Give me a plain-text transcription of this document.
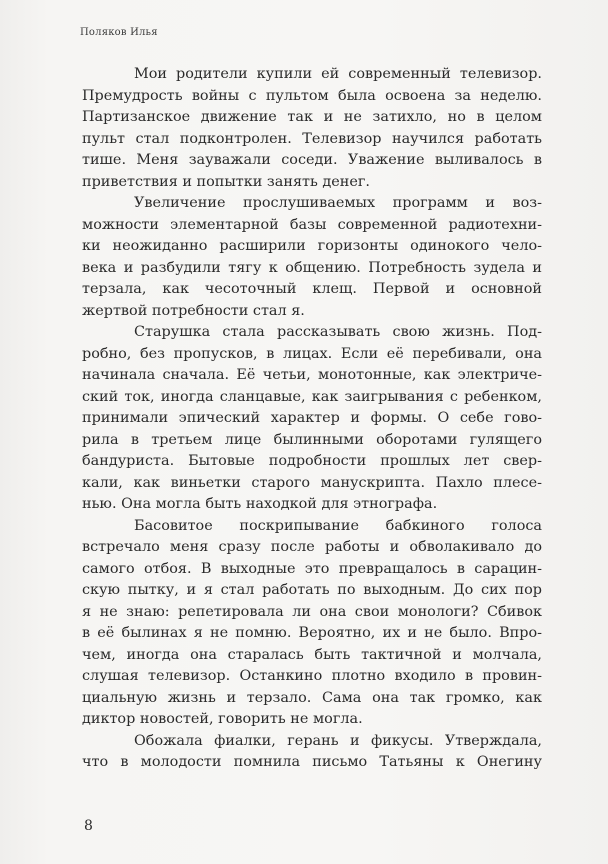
Поляков Илья
Мои родители купили ей современный телевизор.
Премудрость войны с пультом была освоена за неделю.
Партизанское движение так и не затихло, но в целом
пульт стал подконтролен. Телевизор научился работать
тише. Меня зауважали соседи. Уважение выливалось в
приветствия и попытки занять денег.
Увеличение прослушиваемых программ и воз-
можности элементарной базы современной радиотехни-
ки неожиданно расширили горизонты одинокого чело-
века и разбудили тягу к общению. Потребность зудела и
терзала, как чесоточный клещ. Первой и основной
жертвой потребности стал я.
Старушка стала рассказывать свою жизнь. Под-
робно, без пропусков, в лицах. Если её перебивали, она
начинала сначала. Её четьи, монотонные, как электриче-
ский ток, иногда сланцавые, как заигрывания с ребенком,
принимали эпический характер и формы. О себе гово-
рила в третьем лице былинными оборотами гулящего
бандуриста. Бытовые подробности прошлых лет свер-
кали, как виньетки старого манускрипта. Пахло плесе-
нью. Она могла быть находкой для этнографа.
Басовитое поскрипывание бабкиного голоса
встречало меня сразу после работы и обволакивало до
самого отбоя. В выходные это превращалось в сарацин-
скую пытку, и я стал работать по выходным. До сих пор
я не знаю: репетировала ли она свои монологи? Сбивок
в её былинах я не помню. Вероятно, их и не было. Впро-
чем, иногда она старалась быть тактичной и молчала,
слушая телевизор. Останкино плотно входило в провин-
циальную жизнь и терзало. Сама она так громко, как
диктор новостей, говорить не могла.
Обожала фиалки, герань и фикусы. Утверждала,
что в молодости помнила письмо Татьяны к Онегину
8
